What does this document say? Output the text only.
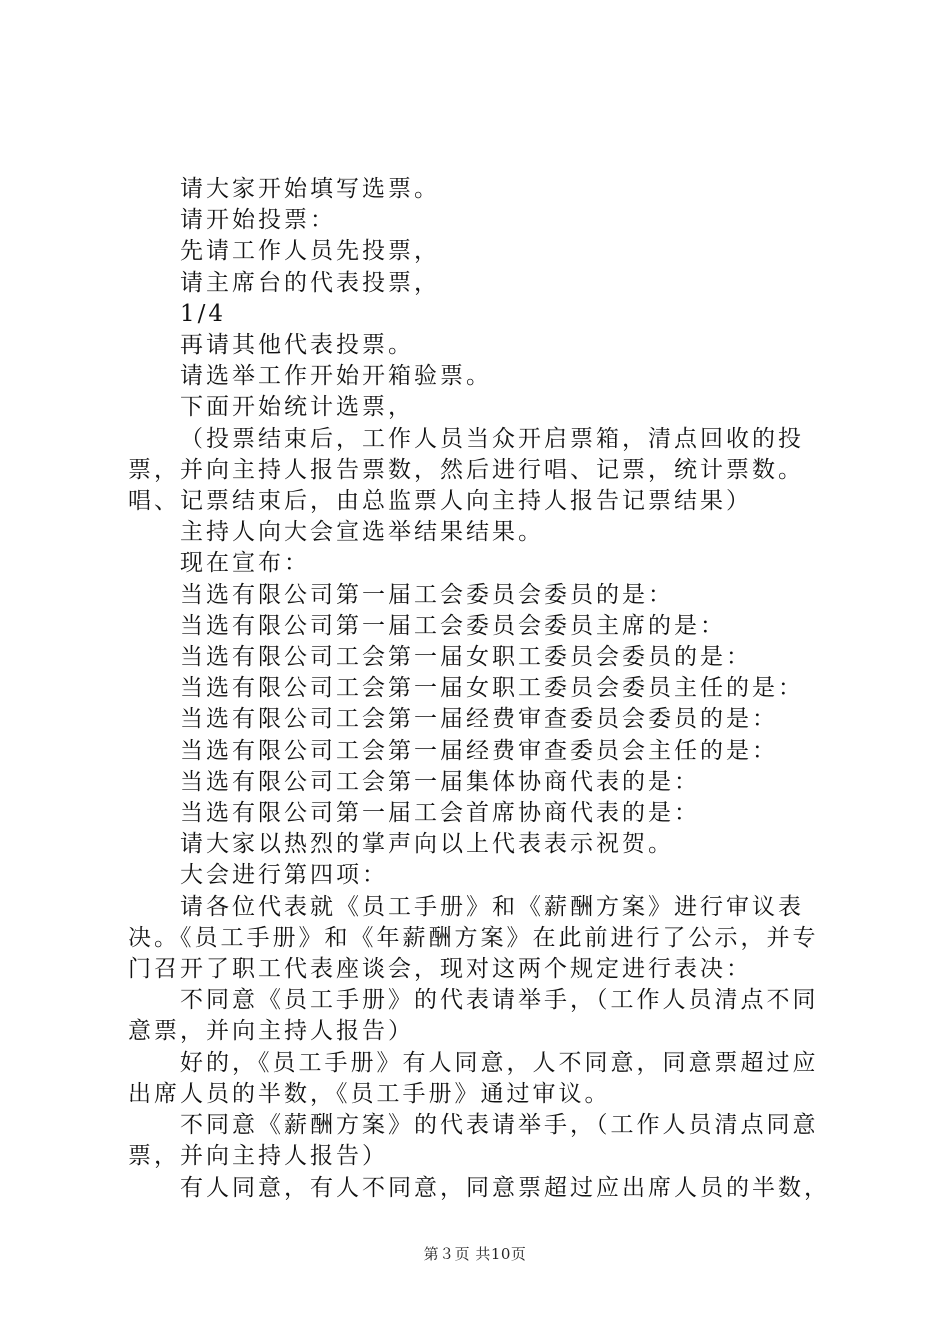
请大家开始填写选票。

请开始投票：

先请工作人员先投票，

请主席台的代表投票，

1/4

再请其他代表投票。

请选举工作开始开箱验票。

下面开始统计选票，

（投票结束后，工作人员当众开启票箱，清点回收的投票，并向主持人报告票数，然后进行唱、记票，统计票数。唱、记票结束后，由总监票人向主持人报告记票结果）

主持人向大会宣选举结果结果。

现在宣布：

当选有限公司第一届工会委员会委员的是：

当选有限公司第一届工会委员会委员主席的是：

当选有限公司工会第一届女职工委员会委员的是：

当选有限公司工会第一届女职工委员会委员主任的是：

当选有限公司工会第一届经费审查委员会委员的是：

当选有限公司工会第一届经费审查委员会主任的是：

当选有限公司工会第一届集体协商代表的是：

当选有限公司第一届工会首席协商代表的是：

请大家以热烈的掌声向以上代表表示祝贺。

大会进行第四项：

请各位代表就《员工手册》和《薪酬方案》进行审议表决。《员工手册》和《年薪酬方案》在此前进行了公示，并专门召开了职工代表座谈会，现对这两个规定进行表决：

不同意《员工手册》的代表请举手，（工作人员清点不同意票，并向主持人报告）

好的，《员工手册》有人同意，人不同意，同意票超过应出席人员的半数，《员工手册》通过审议。

不同意《薪酬方案》的代表请举手，（工作人员清点同意票，并向主持人报告）

有人同意，有人不同意，同意票超过应出席人员的半数，

第３页 共10页
